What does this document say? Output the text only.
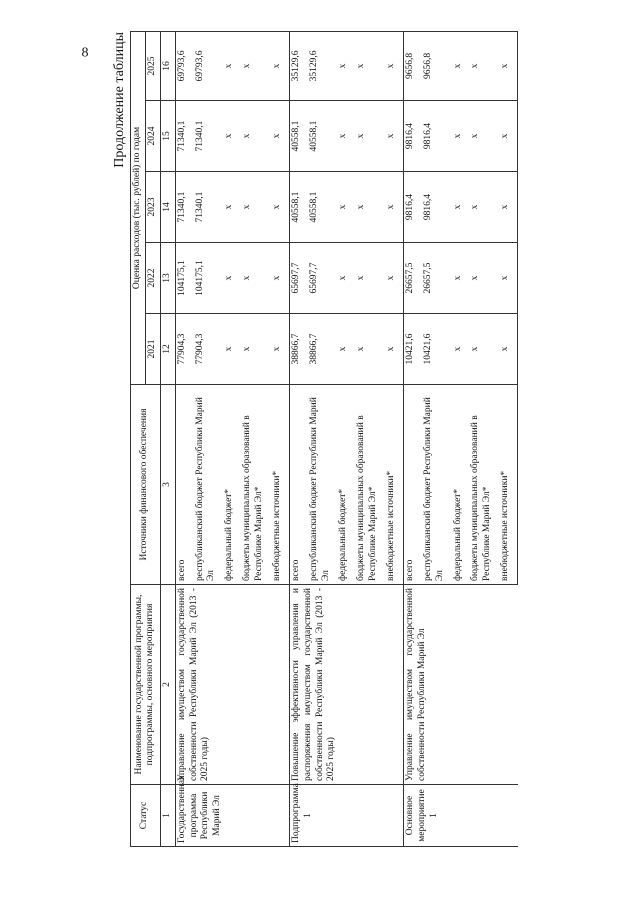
8 Продолжение таблицы
Статус	Наименование государственной программы, подпрограммы, основного мероприятия	Источники финансового обеспечения	Оценка расходов (тыс. рублей) по годам				
			2021	2022	2023	2024	2025
1	2	3	12	13	14	15	16
Государственная программа Республики Марий Эл	Управление имуществом государственной собственности Республики Марий Эл (2013 - 2025 годы)	всего	77904,3	104175,1	71340,1	71340,1	69793,6
		республиканский бюджет Республики Марий Эл	77904,3	104175,1	71340,1	71340,1	69793,6
		федеральный бюджет*	х	х	х	х	х
		бюджеты муниципальных образований в Республике Марий Эл*	х	х	х	х	х
		внебюджетные источники*	х	х	х	х	х
Подпрограмма 1	Повышение эффективности управления и распоряжения имуществом государственной собственности Республики Марий Эл (2013 - 2025 годы)	всего	38866,7	65697,7	40558,1	40558,1	35129,6
		республиканский бюджет Республики Марий Эл	38866,7	65697,7	40558,1	40558,1	35129,6
		федеральный бюджет*	х	х	х	х	х
		бюджеты муниципальных образований в Республике Марий Эл*	х	х	х	х	х
		внебюджетные источники*	х	х	х	х	х
Основное мероприятие 1	Управление имуществом государственной собственности Республики Марий Эл	всего	10421,6	26657,5	9816,4	9816,4	9656,8
		республиканский бюджет Республики Марий Эл	10421,6	26657,5	9816,4	9816,4	9656,8
		федеральный бюджет*	х	х	х	х	х
		бюджеты муниципальных образований в Республике Марий Эл*	х	х	х	х	х
		внебюджетные источники*	х	х	х	х	х
